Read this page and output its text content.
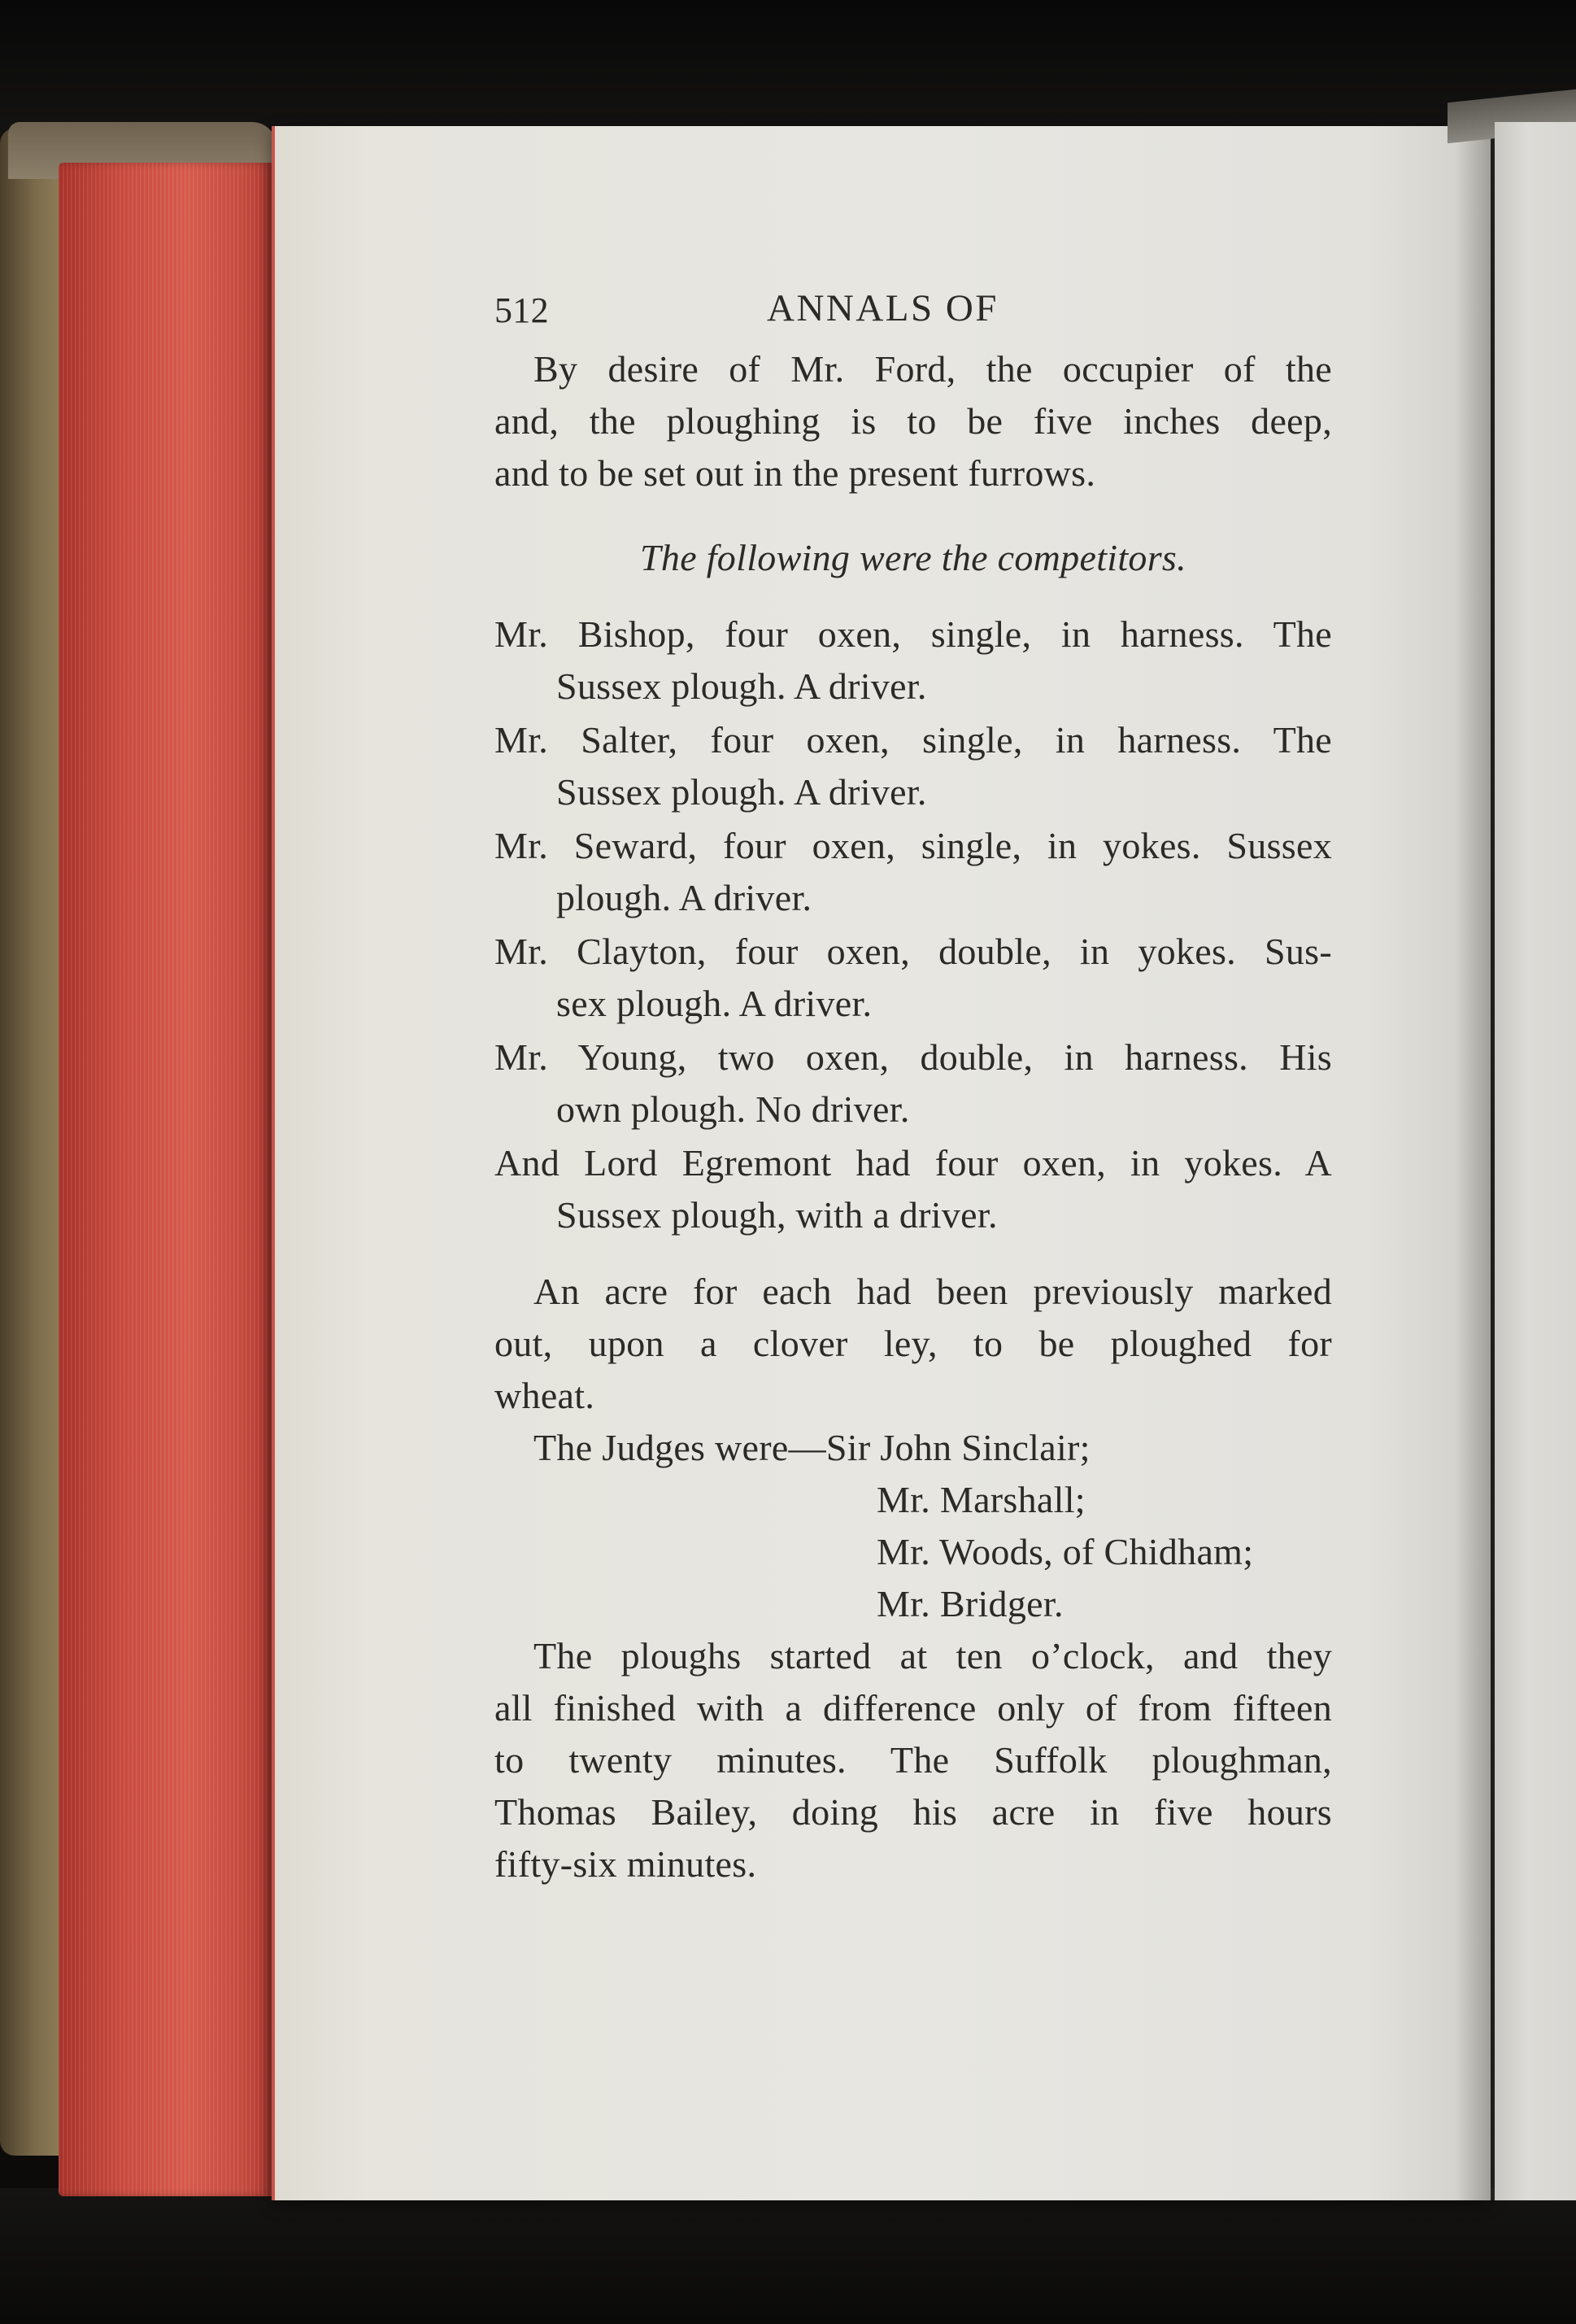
512	ANNALS OF
By desire of Mr. Ford, the occupier of the
and, the ploughing is to be five inches deep,
and to be set out in the present furrows.
The following were the competitors.
Mr. Bishop, four oxen, single, in harness. The
Sussex plough. A driver.
Mr. Salter, four oxen, single, in harness. The
Sussex plough. A driver.
Mr. Seward, four oxen, single, in yokes. Sussex
plough. A driver.
Mr. Clayton, four oxen, double, in yokes. Sus-
sex plough. A driver.
Mr. Young, two oxen, double, in harness. His
own plough. No driver.
And Lord Egremont had four oxen, in yokes. A
Sussex plough, with a driver.
An acre for each had been previously marked
out, upon a clover ley, to be ploughed for
wheat.
The Judges were—Sir John Sinclair;
Mr. Marshall;
Mr. Woods, of Chidham;
Mr. Bridger.
The ploughs started at ten o’clock, and they
all finished with a difference only of from fifteen
to twenty minutes. The Suffolk ploughman,
Thomas Bailey, doing his acre in five hours
fifty-six minutes.
